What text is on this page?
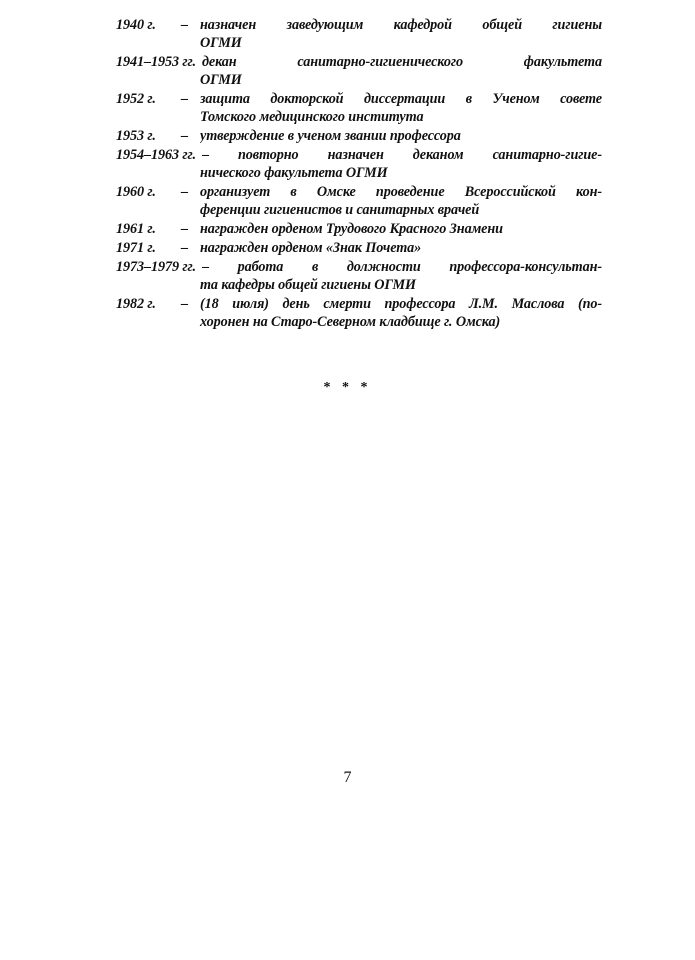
1940 г.	– назначен заведующим кафедрой общей гигиены
ОГМИ
1941–1953 гг. декан санитарно-гигиенического факультета
ОГМИ
1952 г.	– защита докторской диссертации в Ученом совете
Томского медицинского института
1953 г.	– утверждение в ученом звании профессора
1954–1963 гг. – повторно назначен деканом санитарно-гигие-
нического факультета ОГМИ
1960 г.	– организует в Омске проведение Всероссийской кон-
ференции гигиенистов и санитарных врачей
1961 г.	– награжден орденом Трудового Красного Знамени
1971 г.	– награжден орденом «Знак Почета»
1973–1979 гг. – работа в должности профессора-консультан-
та кафедры общей гигиены ОГМИ
1982 г.	– (18 июля) день смерти профессора Л.М. Маслова (по-
хоронен на Старо-Северном кладбище г. Омска)
* * *
7
